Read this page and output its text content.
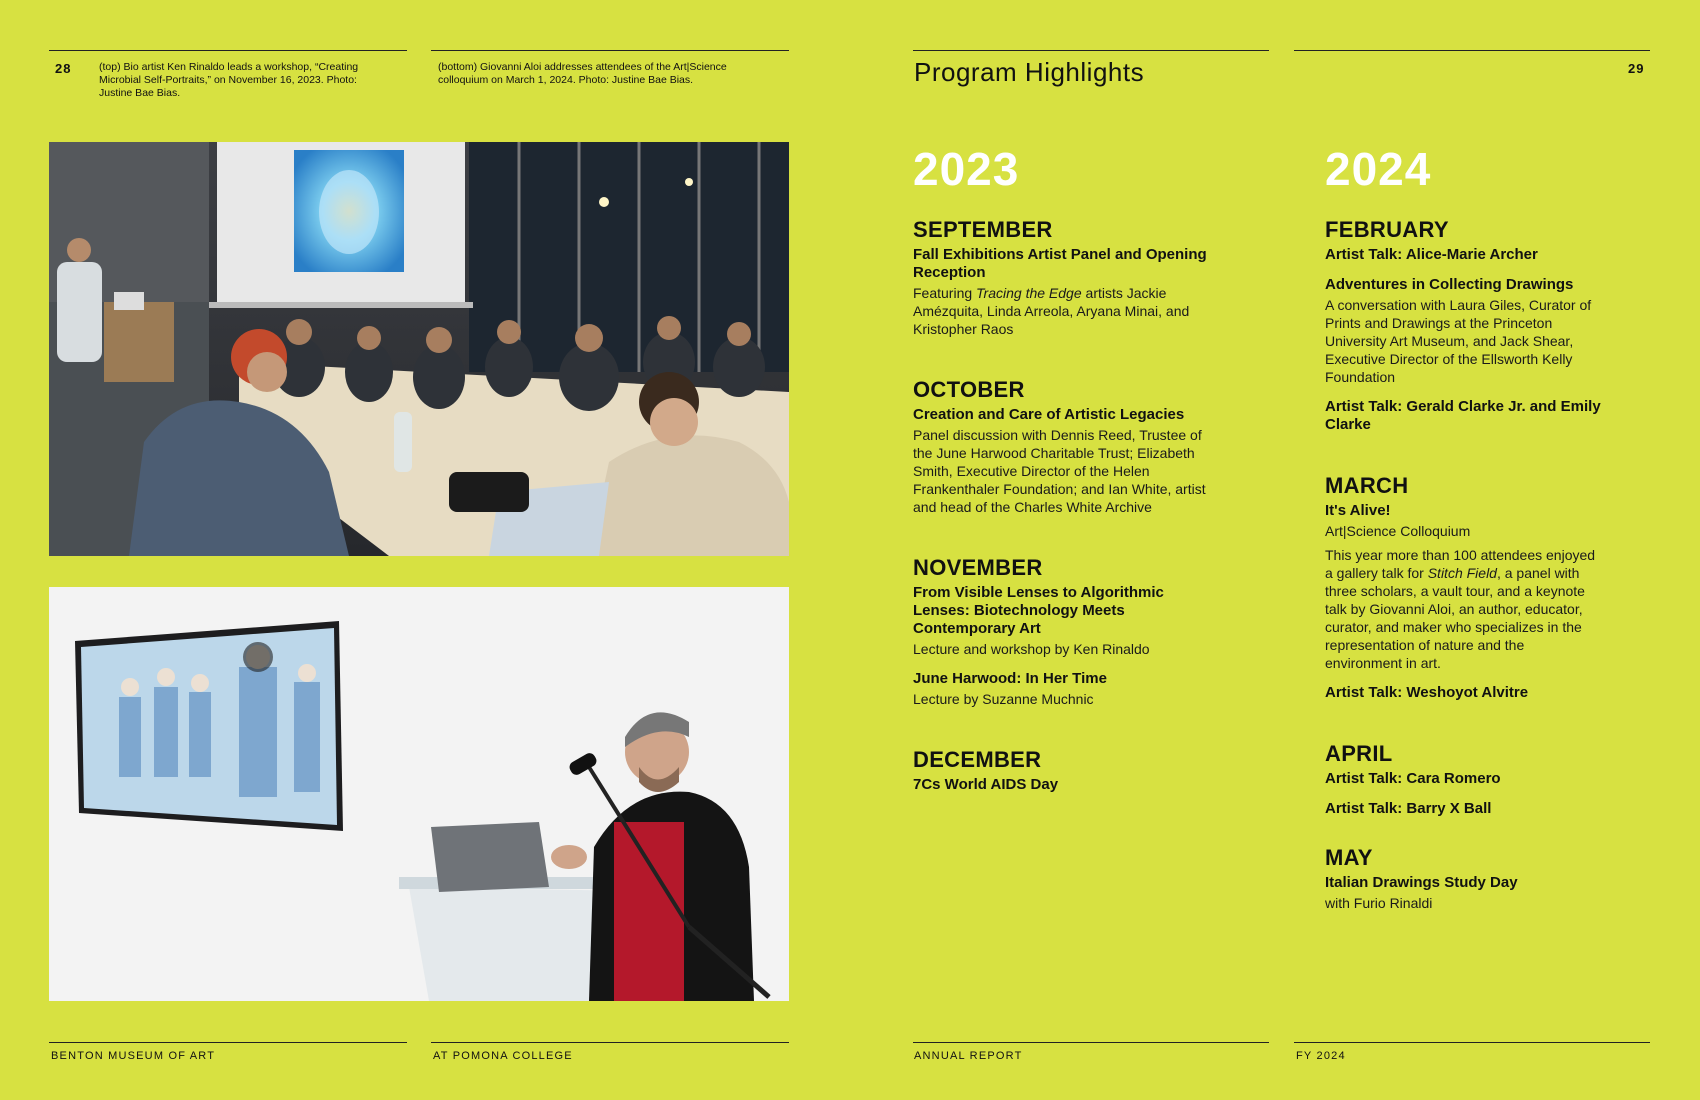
28	(top) Bio artist Ken Rinaldo leads a workshop, “Creating Microbial Self-Portraits,” on November 16, 2023. Photo: Justine Bae Bias.
(bottom) Giovanni Aloi addresses attendees of the Art|Science colloquium on March 1, 2024. Photo: Justine Bae Bias.
BENTON MUSEUM OF ART	AT POMONA COLLEGE
Program Highlights	29
2023
SEPTEMBER
Fall Exhibitions Artist Panel and Opening Reception
Featuring Tracing the Edge artists Jackie Amézquita, Linda Arreola, Aryana Minai, and Kristopher Raos
OCTOBER
Creation and Care of Artistic Legacies
Panel discussion with Dennis Reed, Trustee of the June Harwood Charitable Trust; Elizabeth Smith, Executive Director of the Helen Frankenthaler Foundation; and Ian White, artist and head of the Charles White Archive
NOVEMBER
From Visible Lenses to Algorithmic Lenses: Biotechnology Meets Contemporary Art
Lecture and workshop by Ken Rinaldo
June Harwood: In Her Time
Lecture by Suzanne Muchnic
DECEMBER
7Cs World AIDS Day
2024
FEBRUARY
Artist Talk: Alice-Marie Archer
Adventures in Collecting Drawings
A conversation with Laura Giles, Curator of Prints and Drawings at the Princeton University Art Museum, and Jack Shear, Executive Director of the Ellsworth Kelly Foundation
Artist Talk: Gerald Clarke Jr. and Emily Clarke
MARCH
It's Alive!
Art|Science Colloquium
This year more than 100 attendees enjoyed a gallery talk for Stitch Field, a panel with three scholars, a vault tour, and a keynote talk by Giovanni Aloi, an author, educator, curator, and maker who specializes in the representation of nature and the environment in art.
Artist Talk: Weshoyot Alvitre
APRIL
Artist Talk: Cara Romero
Artist Talk: Barry X Ball
MAY
Italian Drawings Study Day
with Furio Rinaldi
ANNUAL REPORT	FY 2024
